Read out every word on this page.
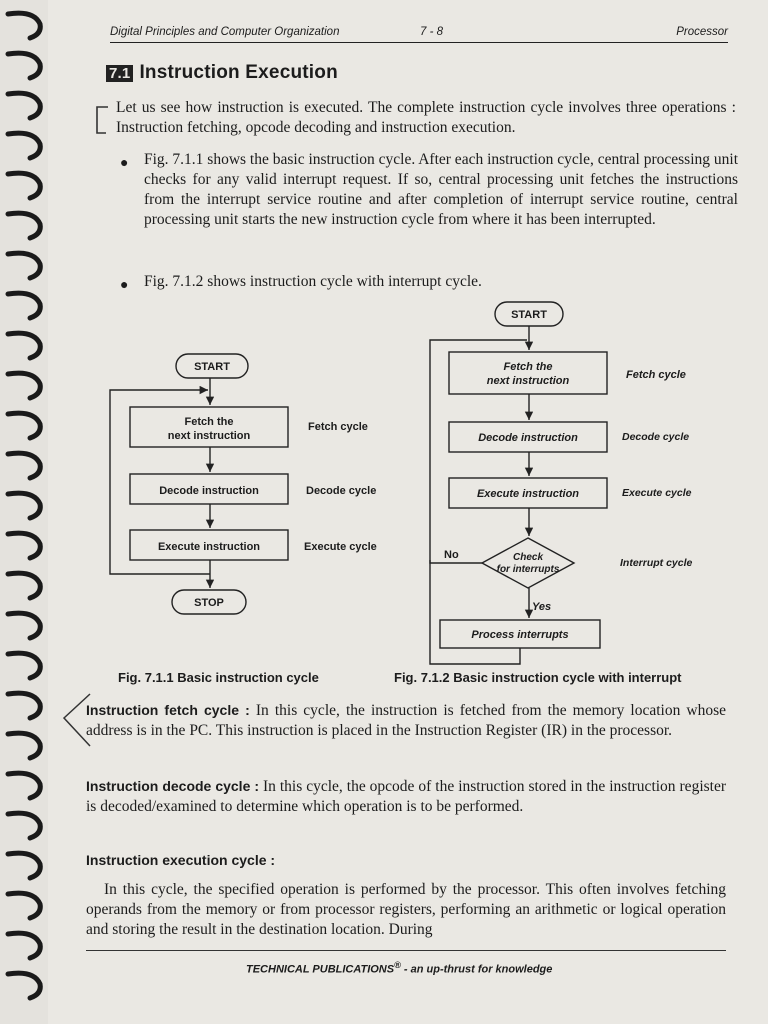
Digital Principles and Computer Organization	7 - 8	Processor
7.1 Instruction Execution
Let us see how instruction is executed. The complete instruction cycle involves three operations : Instruction fetching, opcode decoding and instruction execution.
● Fig. 7.1.1 shows the basic instruction cycle. After each instruction cycle, central processing unit checks for any valid interrupt request. If so, central processing unit fetches the instructions from the interrupt service routine and after completion of interrupt service routine, central processing unit starts the new instruction cycle from where it has been interrupted.
● Fig. 7.1.2 shows instruction cycle with interrupt cycle.
START
Fetch the
next instruction
Decode instruction
Execute instruction
STOP
Fetch cycle
Decode cycle
Execute cycle
START
Fetch the
next instruction
Decode instruction
Execute instruction
Check
for interrupts
No
Yes
Process interrupts
Fetch cycle
Decode cycle
Execute cycle
Interrupt cycle
Fig. 7.1.1 Basic instruction cycle	Fig. 7.1.2 Basic instruction cycle with interrupt
Instruction fetch cycle : In this cycle, the instruction is fetched from the memory location whose address is in the PC. This instruction is placed in the Instruction Register (IR) in the processor.
Instruction decode cycle : In this cycle, the opcode of the instruction stored in the instruction register is decoded/examined to determine which operation is to be performed.
Instruction execution cycle :
In this cycle, the specified operation is performed by the processor. This often involves fetching operands from the memory or from processor registers, performing an arithmetic or logical operation and storing the result in the destination location. During
TECHNICAL PUBLICATIONS® - an up-thrust for knowledge
